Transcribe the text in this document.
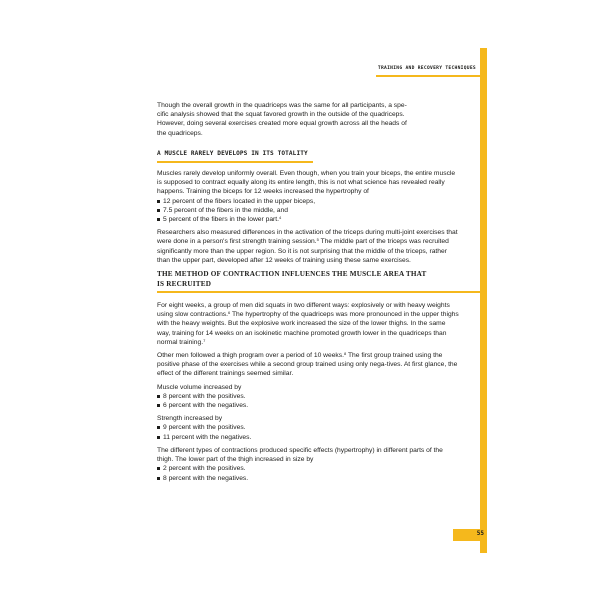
TRAINING AND RECOVERY TECHNIQUES

Though the overall growth in the quadriceps was the same for all participants, a spe-
cific analysis showed that the squat favored growth in the outside of the quadriceps.
However, doing several exercises created more equal growth across all the heads of
the quadriceps.

A MUSCLE RARELY DEVELOPS IN ITS TOTALITY

Muscles rarely develop uniformly overall. Even though, when you train your biceps, the entire muscle is supposed to contract equally along its entire length, this is not what science has revealed really happens. Training the biceps for 12 weeks increased the hypertrophy of

12 percent of the fibers located in the upper biceps,
7.5 percent of the fibers in the middle, and
5 percent of the fibers in the lower part.$^4$

Researchers also measured differences in the activation of the triceps during multi-joint exercises that were done in a person's first strength training session.$^5$ The middle part of the triceps was recruited significantly more than the upper region. So it is not surprising that the middle of the triceps, rather than the upper part, developed after 12 weeks of training using these same exercises.

THE METHOD OF CONTRACTION INFLUENCES THE MUSCLE AREA THAT
IS RECRUITED

For eight weeks, a group of men did squats in two different ways: explosively or with heavy weights using slow contractions.$^6$ The hypertrophy of the quadriceps was more pronounced in the upper thighs with the heavy weights. But the explosive work increased the size of the lower thighs. In the same way, training for 14 weeks on an isokinetic machine promoted growth lower in the quadriceps than normal training.$^7$

Other men followed a thigh program over a period of 10 weeks.$^8$ The first group trained using the positive phase of the exercises while a second group trained using only nega-tives. At first glance, the effect of the different trainings seemed similar.

Muscle volume increased by

8 percent with the positives.
6 percent with the negatives.

Strength increased by

9 percent with the positives.
11 percent with the negatives.

The different types of contractions produced specific effects (hypertrophy) in different parts of the thigh. The lower part of the thigh increased in size by

2 percent with the positives.
8 percent with the negatives.
55
